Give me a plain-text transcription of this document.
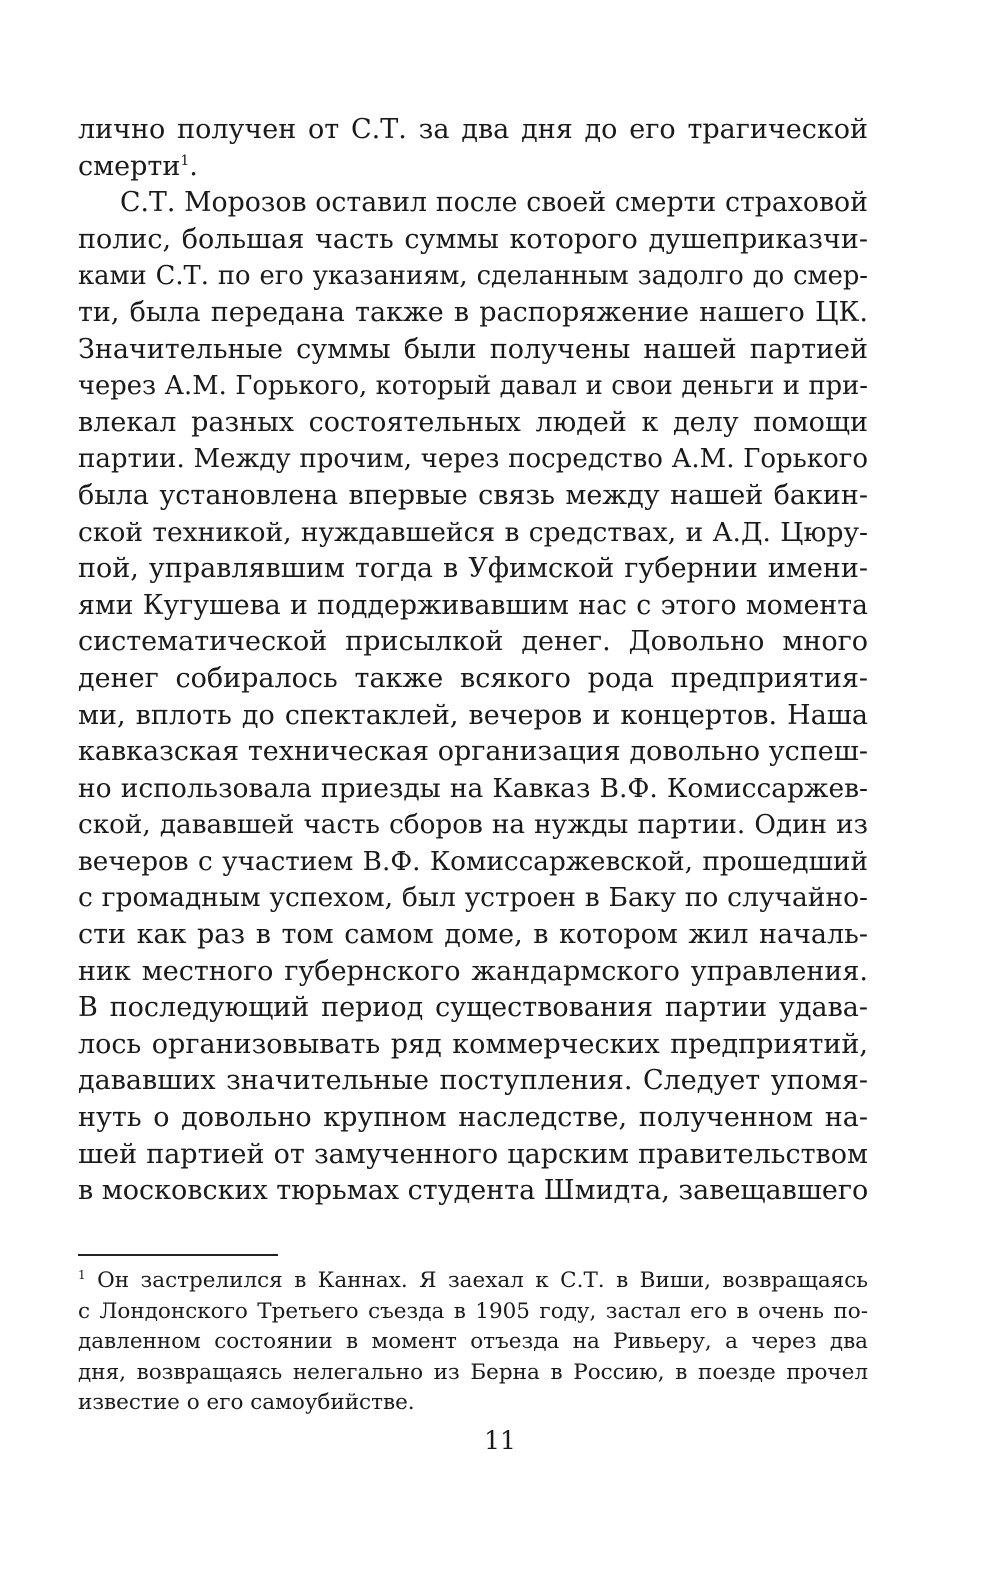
лично получен от С.Т. за два дня до его трагической
смерти$^1$.
С.Т. Морозов оставил после своей смерти страховой
полис, большая часть суммы которого душеприказчи-
ками С.Т. по его указаниям, сделанным задолго до смер-
ти, была передана также в распоряжение нашего ЦК.
Значительные суммы были получены нашей партией
через А.М. Горького, который давал и свои деньги и при-
влекал разных состоятельных людей к делу помощи
партии. Между прочим, через посредство А.М. Горького
была установлена впервые связь между нашей бакин-
ской техникой, нуждавшейся в средствах, и А.Д. Цюру-
пой, управлявшим тогда в Уфимской губернии имени-
ями Кугушева и поддерживавшим нас с этого момента
систематической присылкой денег. Довольно много
денег собиралось также всякого рода предприятия-
ми, вплоть до спектаклей, вечеров и концертов. Наша
кавказская техническая организация довольно успеш-
но использовала приезды на Кавказ В.Ф. Комиссаржев-
ской, дававшей часть сборов на нужды партии. Один из
вечеров с участием В.Ф. Комиссаржевской, прошедший
с громадным успехом, был устроен в Баку по случайно-
сти как раз в том самом доме, в котором жил началь-
ник местного губернского жандармского управления.
В последующий период существования партии удава-
лось организовывать ряд коммерческих предприятий,
дававших значительные поступления. Следует упомя-
нуть о довольно крупном наследстве, полученном на-
шей партией от замученного царским правительством
в московских тюрьмах студента Шмидта, завещавшего
$^1$ Он застрелился в Каннах. Я заехал к С.Т. в Виши, возвращаясь
с Лондонского Третьего съезда в 1905 году, застал его в очень по-
давленном состоянии в момент отъезда на Ривьеру, а через два
дня, возвращаясь нелегально из Берна в Россию, в поезде прочел
известие о его самоубийстве.
11
